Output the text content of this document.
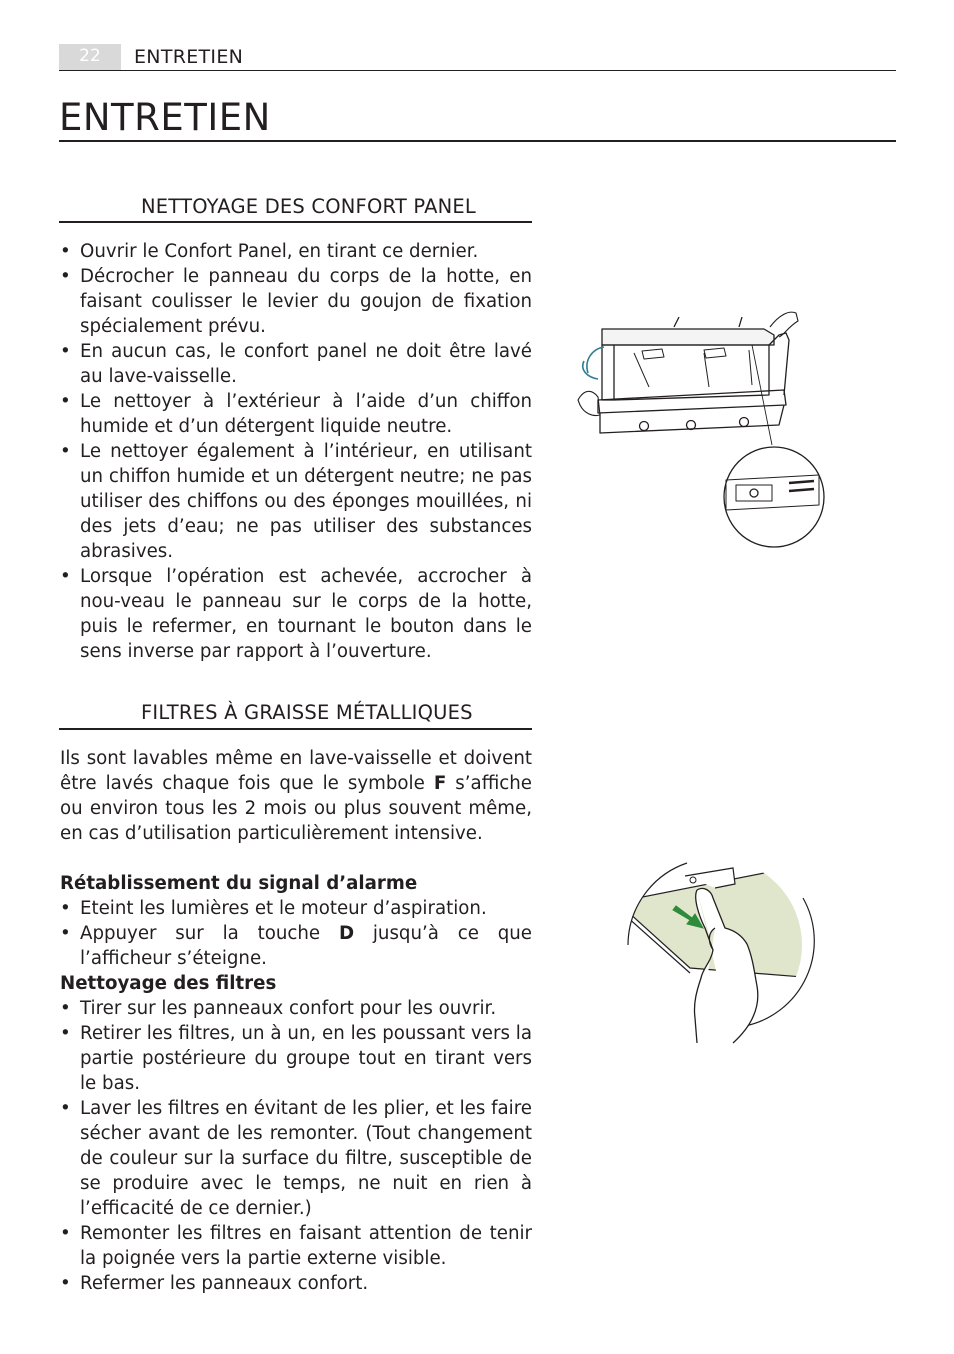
22	ENTRETIEN
ENTRETIEN
NETTOYAGE DES CONFORT PANEL
• Ouvrir le Confort Panel, en tirant ce dernier.
• Décrocher le panneau du corps de la hotte, en faisant coulisser le levier du goujon de fixation spécialement prévu.
• En aucun cas, le confort panel ne doit être lavé au lave-vaisselle.
• Le nettoyer à l’extérieur à l’aide d’un chiffon humide et d’un détergent liquide neutre.
• Le nettoyer également à l’intérieur, en utilisant un chiffon humide et un détergent neutre; ne pas utiliser des chiffons ou des éponges mouillées, ni des jets d’eau; ne pas utiliser des substances abrasives.
• Lorsque l’opération est achevée, accrocher à nou-veau le panneau sur le corps de la hotte, puis le refermer, en tournant le bouton dans le sens inverse par rapport à l’ouverture.
FILTRES À GRAISSE MÉTALLIQUES

Ils sont lavables même en lave-vaisselle et doivent être lavés chaque fois que le symbole F s’affiche ou environ tous les 2 mois ou plus souvent même, en cas d’utilisation particulièrement intensive.

Rétablissement du signal d’alarme

• Eteint les lumières et le moteur d’aspiration.
• Appuyer sur la touche D jusqu’à ce que l’afficheur s’éteigne.

Nettoyage des filtres

• Tirer sur les panneaux confort pour les ouvrir.
• Retirer les filtres, un à un, en les poussant vers la partie postérieure du groupe tout en tirant vers le bas.
• Laver les filtres en évitant de les plier, et les faire sécher avant de les remonter. (Tout changement de couleur sur la surface du filtre, susceptible de se produire avec le temps, ne nuit en rien à l’efficacité de ce dernier.)
• Remonter les filtres en faisant attention de tenir la poignée vers la partie externe visible.
• Refermer les panneaux confort.
